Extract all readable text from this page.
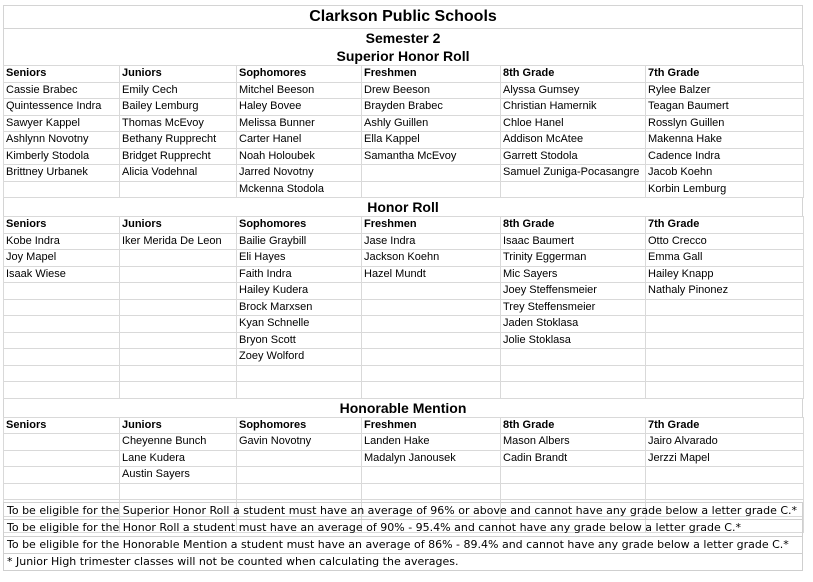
Clarkson Public Schools
Semester 2
Superior Honor Roll
Seniors	Juniors	Sophomores	Freshmen	8th Grade	7th Grade
Cassie Brabec	Emily Cech	Mitchel Beeson	Drew Beeson	Alyssa Gumsey	Rylee Balzer
Quintessence Indra	Bailey Lemburg	Haley Bovee	Brayden Brabec	Christian Hamernik	Teagan Baumert
Sawyer Kappel	Thomas McEvoy	Melissa Bunner	Ashly Guillen	Chloe Hanel	Rosslyn Guillen
Ashlynn Novotny	Bethany Rupprecht	Carter Hanel	Ella Kappel	Addison McAtee	Makenna Hake
Kimberly Stodola	Bridget Rupprecht	Noah Holoubek	Samantha McEvoy	Garrett Stodola	Cadence Indra
Brittney Urbanek	Alicia Vodehnal	Jarred Novotny		Samuel Zuniga-Pocasangre	Jacob Koehn
		Mckenna Stodola			Korbin Lemburg
Honor Roll
Seniors	Juniors	Sophomores	Freshmen	8th Grade	7th Grade
Kobe Indra	Iker Merida De Leon	Bailie Graybill	Jase Indra	Isaac Baumert	Otto Crecco
Joy Mapel		Eli Hayes	Jackson Koehn	Trinity Eggerman	Emma Gall
Isaak Wiese		Faith Indra	Hazel Mundt	Mic Sayers	Hailey Knapp
		Hailey Kudera		Joey Steffensmeier	Nathaly Pinonez
		Brock Marxsen		Trey Steffensmeier	
		Kyan Schnelle		Jaden Stoklasa	
		Bryon Scott		Jolie Stoklasa	
		Zoey Wolford			

Honorable Mention
Seniors	Juniors	Sophomores	Freshmen	8th Grade	7th Grade
	Cheyenne Bunch	Gavin Novotny	Landen Hake	Mason Albers	Jairo Alvarado
	Lane Kudera		Madalyn Janousek	Cadin Brandt	Jerzzi Mapel
	Austin Sayers				

To be eligible for the Superior Honor Roll a student must have an average of 96% or above and cannot have any grade below a letter grade C.*
To be eligible for the Honor Roll a student must have an average of 90% - 95.4% and cannot have any grade below a letter grade C.*
To be eligible for the Honorable Mention a student must have an average of 86% - 89.4% and cannot have any grade below a letter grade C.*
* Junior High trimester classes will not be counted when calculating the averages.
